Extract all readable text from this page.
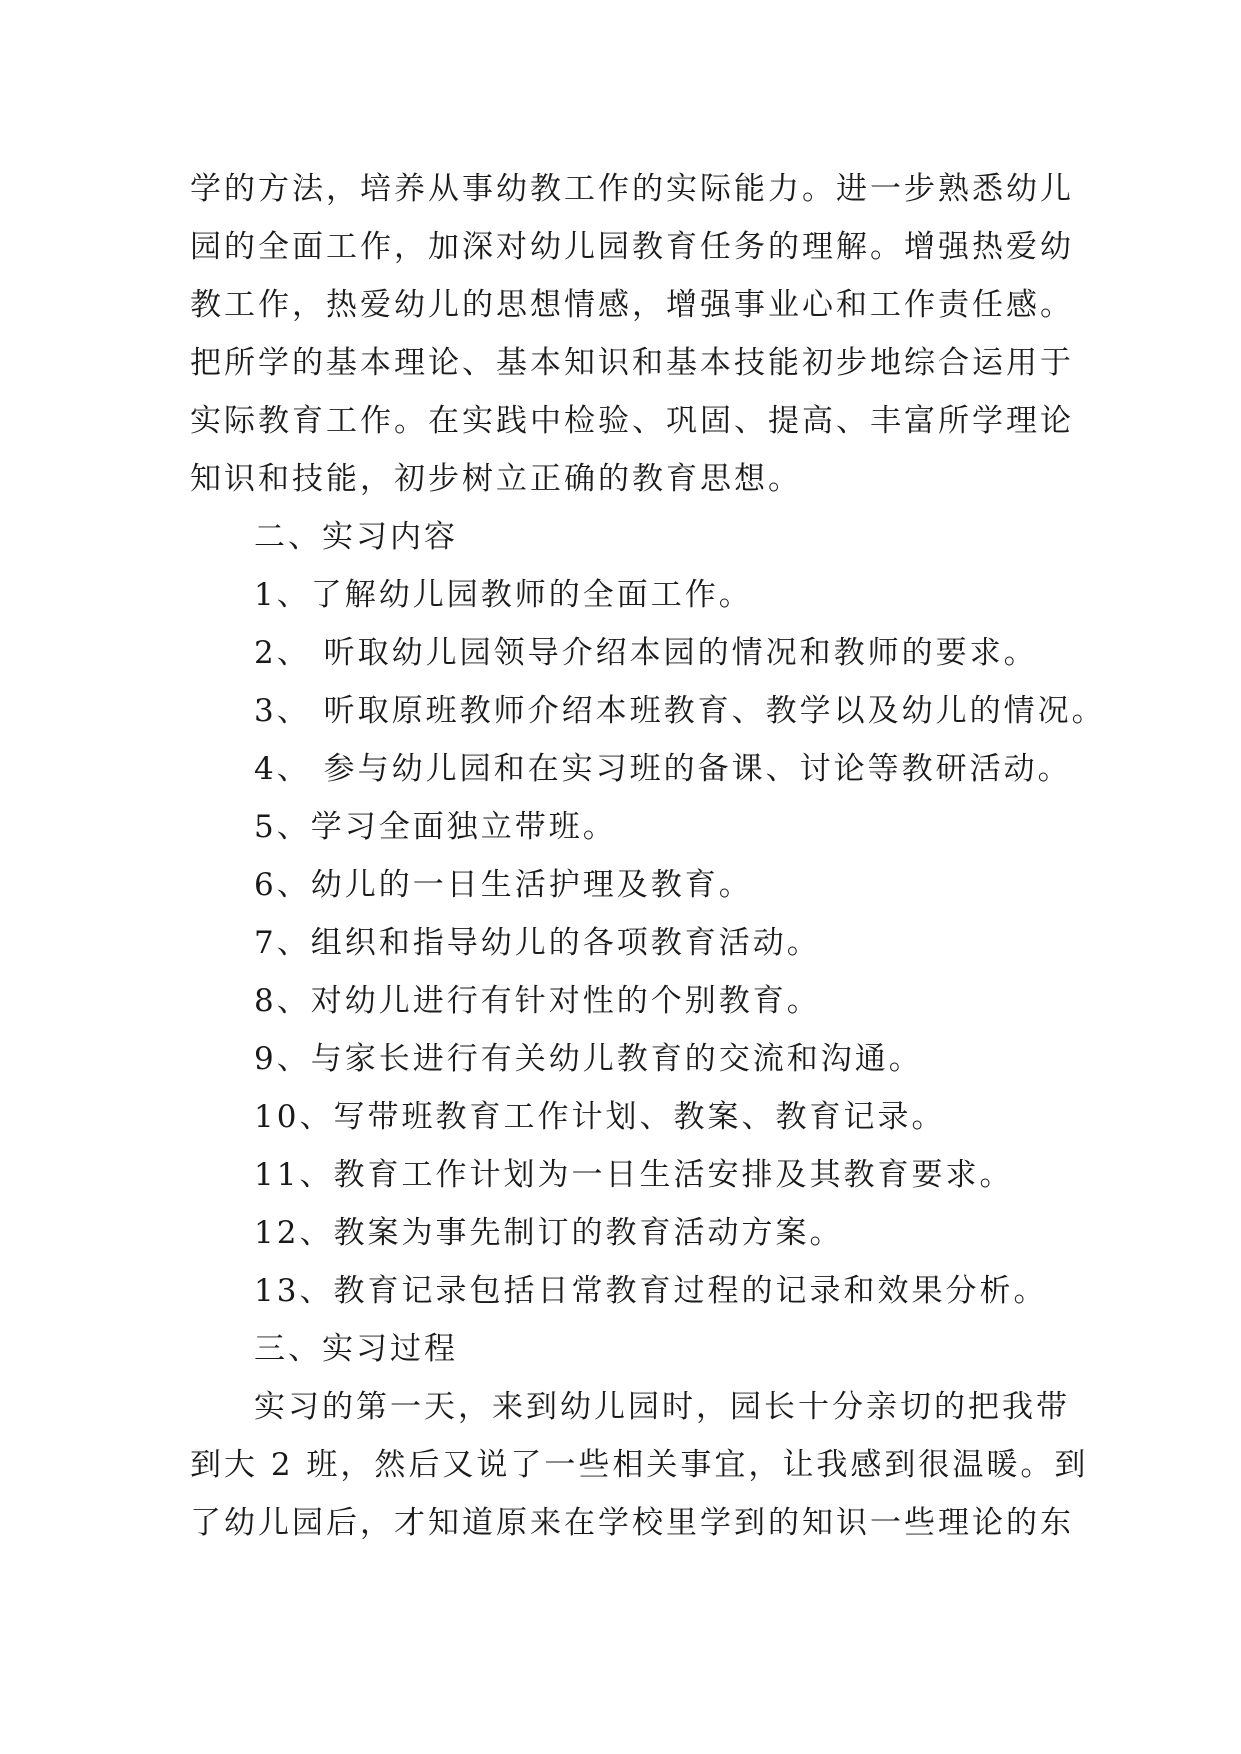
学的方法，培养从事幼教工作的实际能力。进一步熟悉幼儿
园的全面工作，加深对幼儿园教育任务的理解。增强热爱幼
教工作，热爱幼儿的思想情感，增强事业心和工作责任感。
把所学的基本理论、基本知识和基本技能初步地综合运用于
实际教育工作。在实践中检验、巩固、提高、丰富所学理论
知识和技能，初步树立正确的教育思想。
二、实习内容
1、了解幼儿园教师的全面工作。
2、 听取幼儿园领导介绍本园的情况和教师的要求。
3、 听取原班教师介绍本班教育、教学以及幼儿的情况。
4、 参与幼儿园和在实习班的备课、讨论等教研活动。
5、学习全面独立带班。
6、幼儿的一日生活护理及教育。
7、组织和指导幼儿的各项教育活动。
8、对幼儿进行有针对性的个别教育。
9、与家长进行有关幼儿教育的交流和沟通。
10、写带班教育工作计划、教案、教育记录。
11、教育工作计划为一日生活安排及其教育要求。
12、教案为事先制订的教育活动方案。
13、教育记录包括日常教育过程的记录和效果分析。
三、实习过程
实习的第一天，来到幼儿园时，园长十分亲切的把我带
到大 2 班，然后又说了一些相关事宜，让我感到很温暖。到
了幼儿园后，才知道原来在学校里学到的知识一些理论的东
